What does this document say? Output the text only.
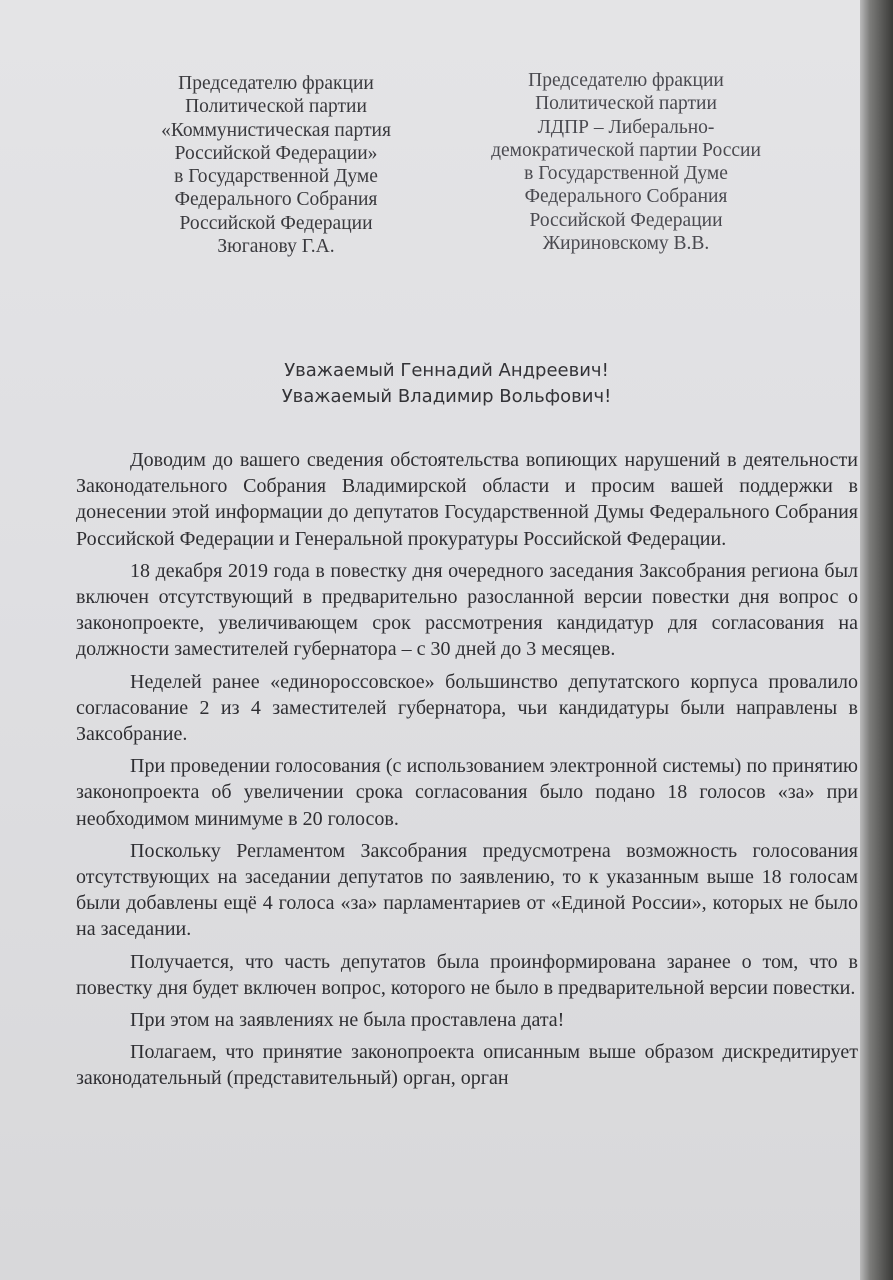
Председателю фракции
Политической партии
«Коммунистическая партия
Российской Федерации»
в Государственной Думе
Федерального Собрания
Российской Федерации
Зюганову Г.А.
Председателю фракции
Политической партии
ЛДПР – Либерально-
демократической партии России
в Государственной Думе
Федерального Собрания
Российской Федерации
Жириновскому В.В.
Уважаемый Геннадий Андреевич!
Уважаемый Владимир Вольфович!

Доводим до вашего сведения обстоятельства вопиющих нарушений в деятельности Законодательного Собрания Владимирской области и просим вашей поддержки в донесении этой информации до депутатов Государственной Думы Федерального Собрания Российской Федерации и Генеральной прокуратуры Российской Федерации.

18 декабря 2019 года в повестку дня очередного заседания Заксобрания региона был включен отсутствующий в предварительно разосланной версии повестки дня вопрос о законопроекте, увеличивающем срок рассмотрения кандидатур для согласования на должности заместителей губернатора – с 30 дней до 3 месяцев.

Неделей ранее «единороссовское» большинство депутатского корпуса провалило согласование 2 из 4 заместителей губернатора, чьи кандидатуры были направлены в Заксобрание.

При проведении голосования (с использованием электронной системы) по принятию законопроекта об увеличении срока согласования было подано 18 голосов «за» при необходимом минимуме в 20 голосов.

Поскольку Регламентом Заксобрания предусмотрена возможность голосования отсутствующих на заседании депутатов по заявлению, то к указанным выше 18 голосам были добавлены ещё 4 голоса «за» парламентариев от «Единой России», которых не было на заседании.

Получается, что часть депутатов была проинформирована заранее о том, что в повестку дня будет включен вопрос, которого не было в предварительной версии повестки.

При этом на заявлениях не была проставлена дата!

Полагаем, что принятие законопроекта описанным выше образом дискредитирует законодательный (представительный) орган, орган
